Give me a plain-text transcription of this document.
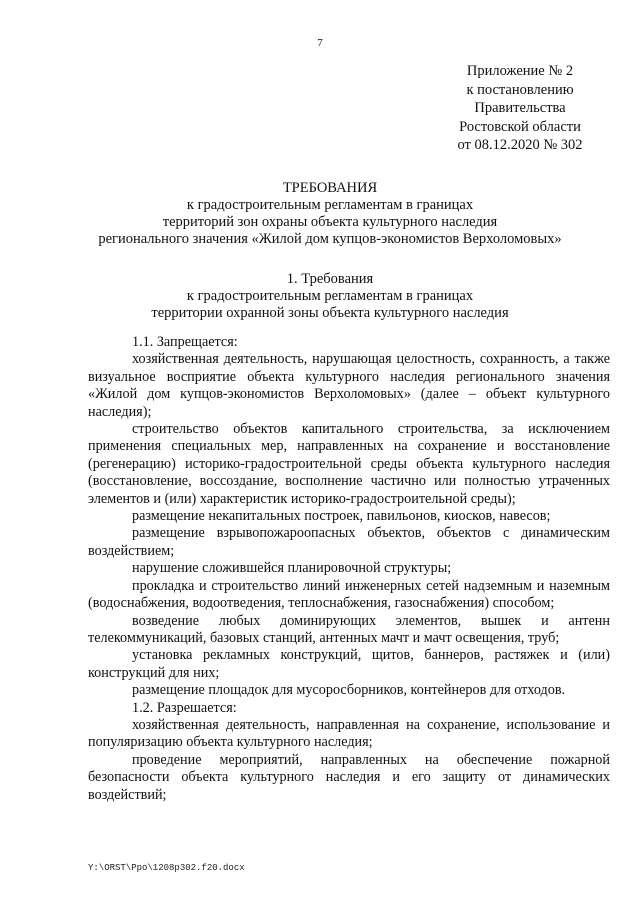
7
Приложение № 2
к постановлению
Правительства
Ростовской области
от 08.12.2020 № 302
ТРЕБОВАНИЯ
к градостроительным регламентам в границах
территорий зон охраны объекта культурного наследия
регионального значения «Жилой дом купцов-экономистов Верхоломовых»
1. Требования
к градостроительным регламентам в границах
территории охранной зоны объекта культурного наследия

1.1. Запрещается:

хозяйственная деятельность, нарушающая целостность, сохранность, а также визуальное восприятие объекта культурного наследия регионального значения «Жилой дом купцов-экономистов Верхоломовых» (далее – объект культурного наследия);

строительство объектов капитального строительства, за исключением применения специальных мер, направленных на сохранение и восстановление (регенерацию) историко-градостроительной среды объекта культурного наследия (восстановление, воссоздание, восполнение частично или полностью утраченных элементов и (или) характеристик историко-градостроительной среды);

размещение некапитальных построек, павильонов, киосков, навесов;

размещение взрывопожароопасных объектов, объектов с динамическим воздействием;

нарушение сложившейся планировочной структуры;

прокладка и строительство линий инженерных сетей надземным и наземным (водоснабжения, водоотведения, теплоснабжения, газоснабжения) способом;

возведение любых доминирующих элементов, вышек и антенн телекоммуникаций, базовых станций, антенных мачт и мачт освещения, труб;

установка рекламных конструкций, щитов, баннеров, растяжек и (или) конструкций для них;

размещение площадок для мусоросборников, контейнеров для отходов.

1.2. Разрешается:

хозяйственная деятельность, направленная на сохранение, использование и популяризацию объекта культурного наследия;

проведение мероприятий, направленных на обеспечение пожарной безопасности объекта культурного наследия и его защиту от динамических воздействий;

Y:\ORST\Ppo\1208p302.f20.docx
